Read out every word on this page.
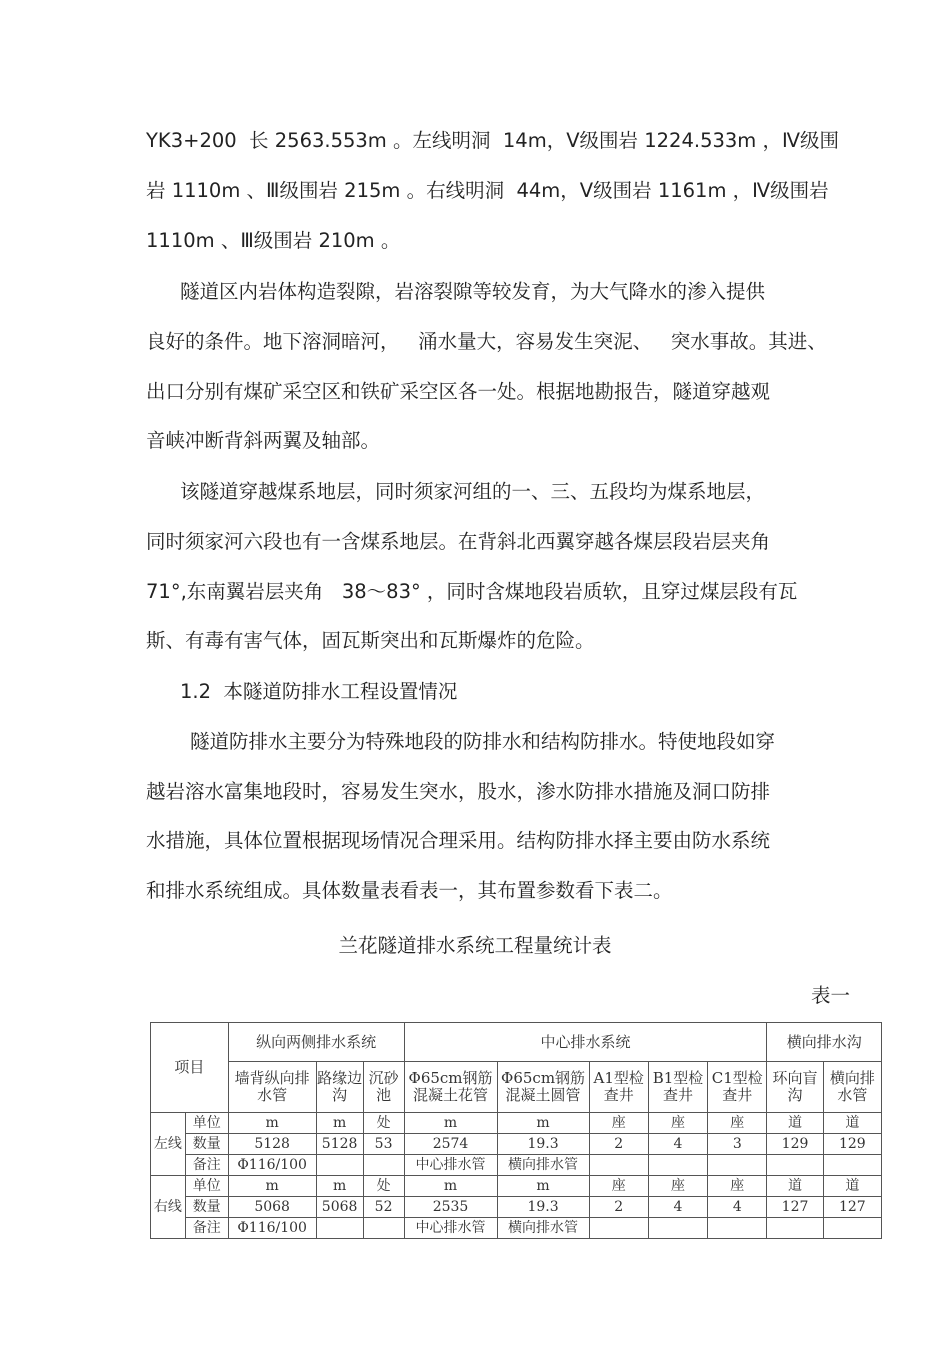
YK3+200  长 2563.553m 。左线明洞  14m，Ⅴ级围岩 1224.533m ，Ⅳ级围
岩 1110m 、Ⅲ级围岩 215m 。右线明洞  44m，Ⅴ级围岩 1161m ，Ⅳ级围岩
1110m 、Ⅲ级围岩 210m 。
隧道区内岩体构造裂隙，岩溶裂隙等较发育，为大气降水的渗入提供
良好的条件。地下溶洞暗河，   涌水量大，容易发生突泥、   突水事故。其进、
出口分别有煤矿采空区和铁矿采空区各一处。根据地勘报告，隧道穿越观
音峡冲断背斜两翼及轴部。
该隧道穿越煤系地层，同时须家河组的一、三、五段均为煤系地层，
同时须家河六段也有一含煤系地层。在背斜北西翼穿越各煤层段岩层夹角
71°,东南翼岩层夹角   38～83° ，同时含煤地段岩质软，且穿过煤层段有瓦
斯、有毒有害气体，固瓦斯突出和瓦斯爆炸的危险。
1.2  本隧道防排水工程设置情况
隧道防排水主要分为特殊地段的防排水和结构防排水。特使地段如穿
越岩溶水富集地段时，容易发生突水，股水，渗水防排水措施及洞口防排
水措施，具体位置根据现场情况合理采用。结构防排水择主要由防水系统
和排水系统组成。具体数量表看表一，其布置参数看下表二。
兰花隧道排水系统工程量统计表
表一
项目		纵向两侧排水系统			中心排水系统					横向排水沟	
		墙背纵向排水管	路缘边沟	沉砂池	Φ65cm钢筋混凝土花管	Φ65cm钢筋混凝土圆管	A1型检查井	B1型检查井	C1型检查井	环向盲沟	横向排水管
左线	单位	m	m	处	m	m	座	座	座	道	道
	数量	5128	5128	53	2574	19.3	2	4	3	129	129
	备注	Φ116/100			中心排水管	横向排水管					
右线	单位	m	m	处	m	m	座	座	座	道	道
	数量	5068	5068	52	2535	19.3	2	4	4	127	127
	备注	Φ116/100			中心排水管	横向排水管					
